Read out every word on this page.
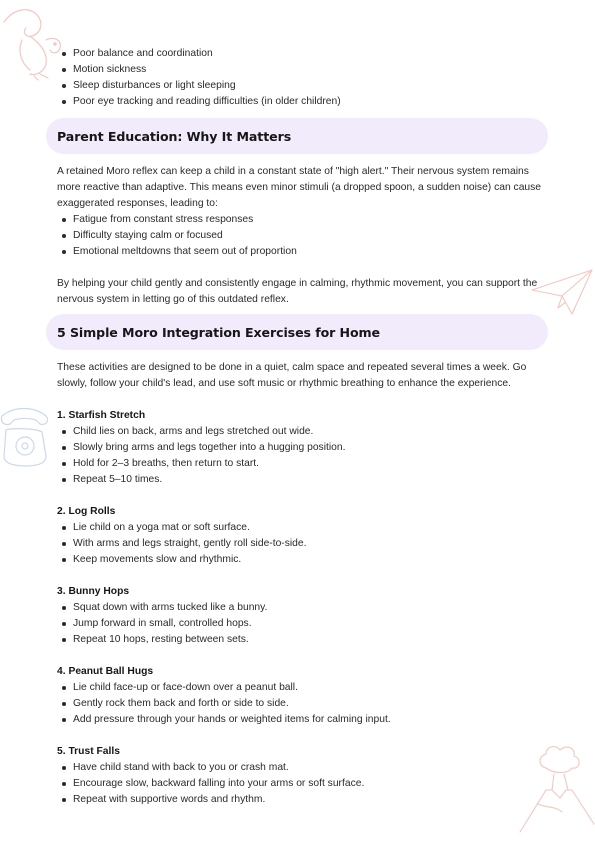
Poor balance and coordination
Motion sickness
Sleep disturbances or light sleeping
Poor eye tracking and reading difficulties (in older children)
Parent Education: Why It Matters

A retained Moro reflex can keep a child in a constant state of "high alert." Their nervous system remains more reactive than adaptive. This means even minor stimuli (a dropped spoon, a sudden noise) can cause exaggerated responses, leading to:

Fatigue from constant stress responses
Difficulty staying calm or focused
Emotional meltdowns that seem out of proportion

By helping your child gently and consistently engage in calming, rhythmic movement, you can support the nervous system in letting go of this outdated reflex.

5 Simple Moro Integration Exercises for Home

These activities are designed to be done in a quiet, calm space and repeated several times a week. Go slowly, follow your child's lead, and use soft music or rhythmic breathing to enhance the experience.

1. Starfish Stretch
Child lies on back, arms and legs stretched out wide.
Slowly bring arms and legs together into a hugging position.
Hold for 2–3 breaths, then return to start.
Repeat 5–10 times.
2. Log Rolls
Lie child on a yoga mat or soft surface.
With arms and legs straight, gently roll side-to-side.
Keep movements slow and rhythmic.
3. Bunny Hops
Squat down with arms tucked like a bunny.
Jump forward in small, controlled hops.
Repeat 10 hops, resting between sets.
4. Peanut Ball Hugs
Lie child face-up or face-down over a peanut ball.
Gently rock them back and forth or side to side.
Add pressure through your hands or weighted items for calming input.
5. Trust Falls
Have child stand with back to you or crash mat.
Encourage slow, backward falling into your arms or soft surface.
Repeat with supportive words and rhythm.
